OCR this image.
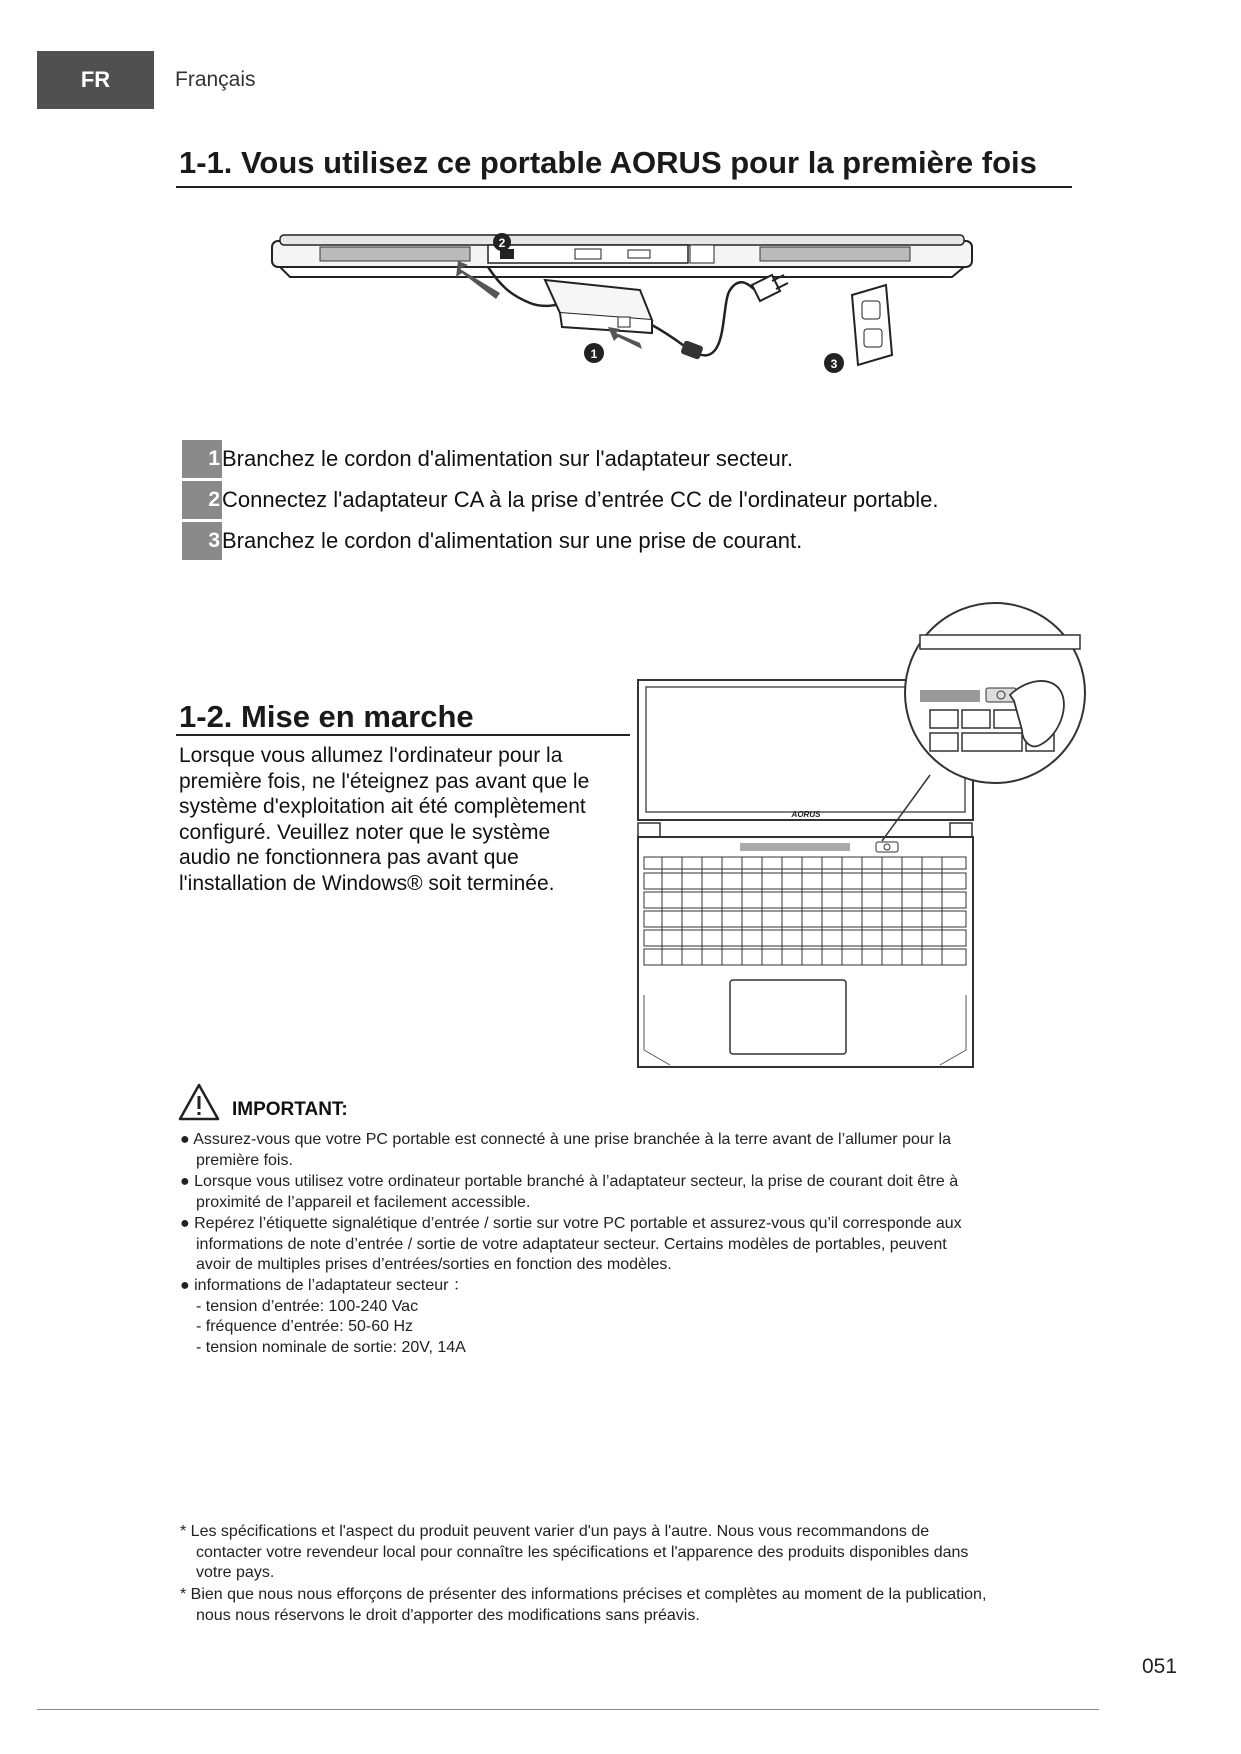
FR	Français
1-1. Vous utilisez ce portable AORUS pour la première fois
2
1
3
1 Branchez le cordon d'alimentation sur l'adaptateur secteur.
2 Connectez l'adaptateur CA à la prise d’entrée CC de l'ordinateur portable.
3 Branchez le cordon d'alimentation sur une prise de courant.
1-2. Mise en marche
Lorsque vous allumez l'ordinateur pour la
première fois, ne l'éteignez pas avant que le
système d'exploitation ait été complètement
configuré. Veuillez noter que le système
audio ne fonctionnera pas avant que
l'installation de Windows® soit terminée.
AORUS
IMPORTANT:
● Assurez-vous que votre PC portable est connecté à une prise branchée à la terre avant de l’allumer pour la
première fois.
● Lorsque vous utilisez votre ordinateur portable branché à l’adaptateur secteur, la prise de courant doit être à
proximité de l’appareil et facilement accessible.
● Repérez l’étiquette signalétique d’entrée / sortie sur votre PC portable et assurez-vous qu’il corresponde aux
informations de note d’entrée / sortie de votre adaptateur secteur. Certains modèles de portables, peuvent
avoir de multiples prises d’entrées/sorties en fonction des modèles.
● informations de l’adaptateur secteur ：
- tension d’entrée: 100-240 Vac
- fréquence d’entrée: 50-60 Hz
- tension nominale de sortie: 20V, 14A
* Les spécifications et l'aspect du produit peuvent varier d'un pays à l'autre. Nous vous recommandons de
contacter votre revendeur local pour connaître les spécifications et l'apparence des produits disponibles dans
votre pays.
* Bien que nous nous efforçons de présenter des informations précises et complètes au moment de la publication,
nous nous réservons le droit d'apporter des modifications sans préavis.
051
